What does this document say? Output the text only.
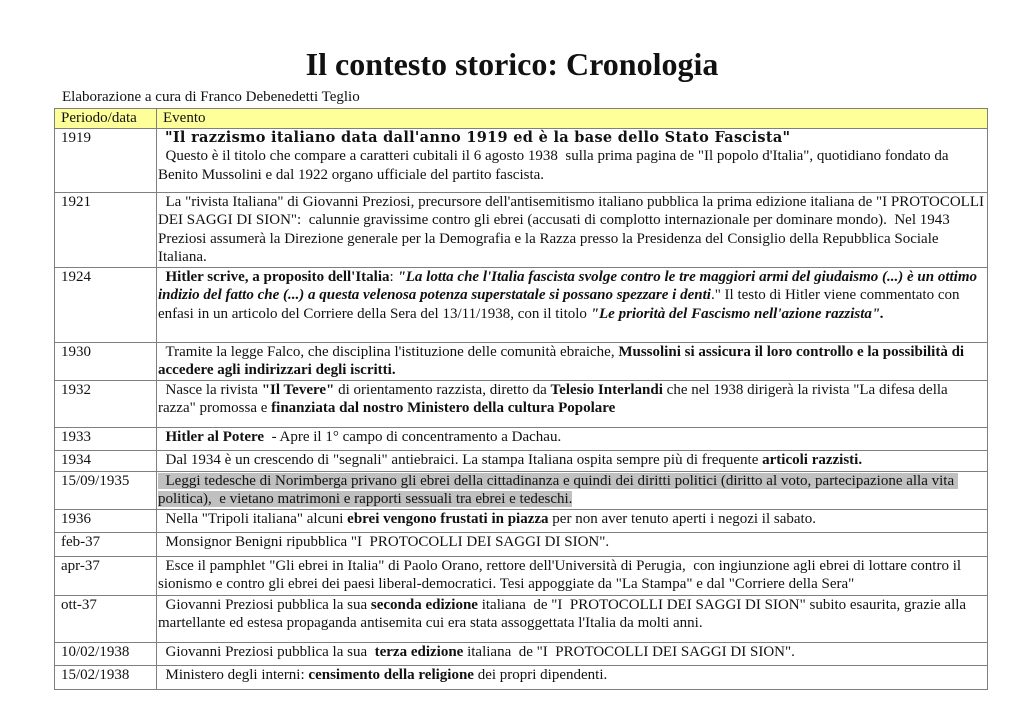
Il contesto storico: Cronologia
Elaborazione a cura di Franco Debenedetti Teglio
Periodo/data	Evento
1919	"Il razzismo italiano data dall'anno 1919 ed è la base dello Stato Fascista"
Questo è il titolo che compare a caratteri cubitali il 6 agosto 1938  sulla prima pagina de "Il popolo d'Italia", quotidiano fondato da Benito Mussolini e dal 1922 organo ufficiale del partito fascista.
1921	La "rivista Italiana" di Giovanni Preziosi, precursore dell'antisemitismo italiano pubblica la prima edizione italiana de "I PROTOCOLLI DEI SAGGI DI SION":  calunnie gravissime contro gli ebrei (accusati di complotto internazionale per dominare mondo).  Nel 1943 Preziosi assumerà la Direzione generale per la Demografia e la Razza presso la Presidenza del Consiglio della Repubblica Sociale Italiana.
1924	Hitler scrive, a proposito dell'Italia: "La lotta che l'Italia fascista svolge contro le tre maggiori armi del giudaismo (...) è un ottimo indizio del fatto che (...) a questa velenosa potenza superstatale si possano spezzare i denti." Il testo di Hitler viene commentato con enfasi in un articolo del Corriere della Sera del 13/11/1938, con il titolo "Le priorità del Fascismo nell'azione razzista".
1930	Tramite la legge Falco, che disciplina l'istituzione delle comunità ebraiche, Mussolini si assicura il loro controllo e la possibilità di accedere agli indirizzari degli iscritti.
1932	Nasce la rivista "Il Tevere" di orientamento razzista, diretto da Telesio Interlandi che nel 1938 dirigerà la rivista "La difesa della razza" promossa e finanziata dal nostro Ministero della cultura Popolare
1933	Hitler al Potere  - Apre il 1° campo di concentramento a Dachau.
1934	Dal 1934 è un crescendo di "segnali" antiebraici. La stampa Italiana ospita sempre più di frequente articoli razzisti.
15/09/1935	Leggi tedesche di Norimberga privano gli ebrei della cittadinanza e quindi dei diritti politici (diritto al voto, partecipazione alla vita politica),  e vietano matrimoni e rapporti sessuali tra ebrei e tedeschi.
1936	Nella "Tripoli italiana" alcuni ebrei vengono frustati in piazza per non aver tenuto aperti i negozi il sabato.
feb-37	Monsignor Benigni ripubblica "I  PROTOCOLLI DEI SAGGI DI SION".
apr-37	Esce il pamphlet "Gli ebrei in Italia" di Paolo Orano, rettore dell'Università di Perugia,  con ingiunzione agli ebrei di lottare contro il sionismo e contro gli ebrei dei paesi liberal-democratici. Tesi appoggiate da "La Stampa" e dal "Corriere della Sera"
ott-37	Giovanni Preziosi pubblica la sua seconda edizione italiana  de "I  PROTOCOLLI DEI SAGGI DI SION" subito esaurita, grazie alla martellante ed estesa propaganda antisemita cui era stata assoggettata l'Italia da molti anni.
10/02/1938	Giovanni Preziosi pubblica la sua  terza edizione italiana  de "I  PROTOCOLLI DEI SAGGI DI SION".
15/02/1938	Ministero degli interni: censimento della religione dei propri dipendenti.
